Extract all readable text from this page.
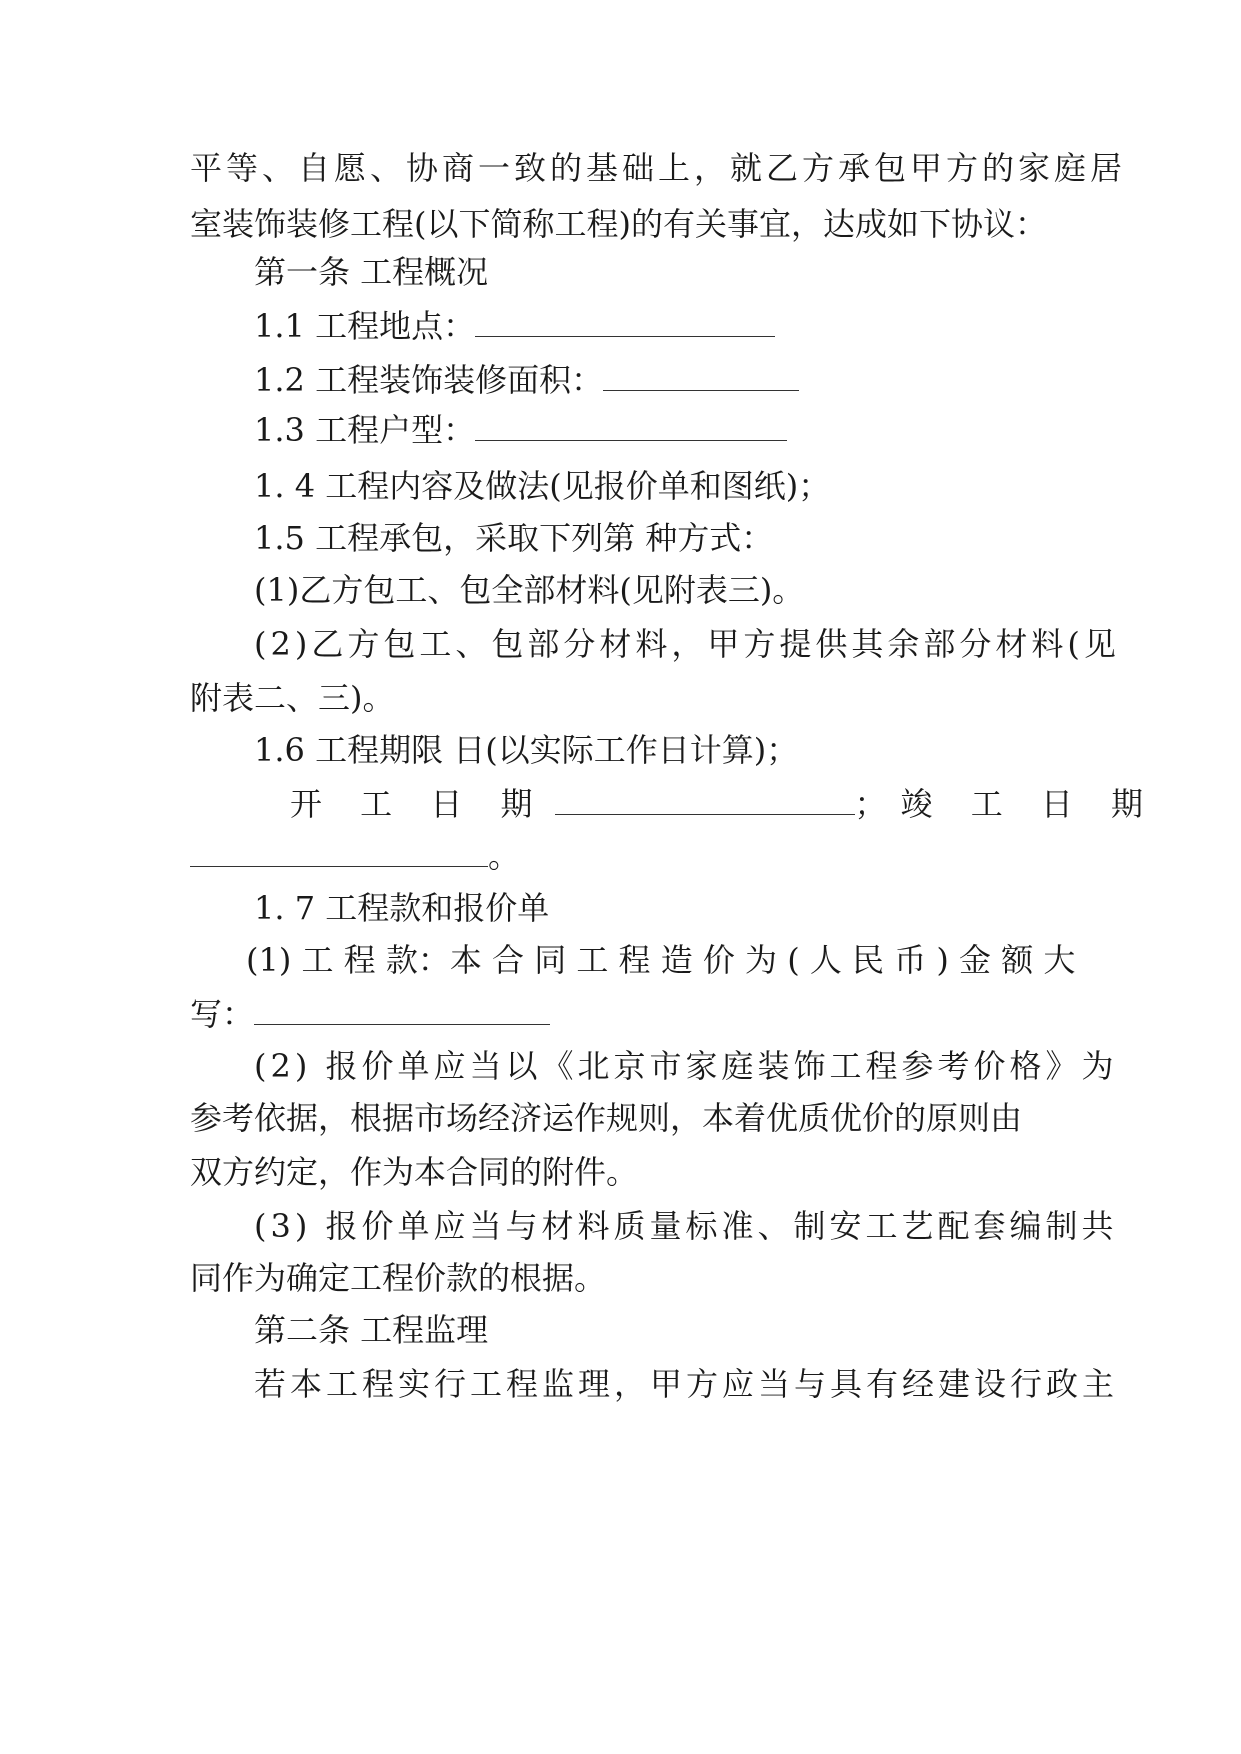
平等、自愿、协商一致的基础上，就乙方承包甲方的家庭居
室装饰装修工程(以下简称工程)的有关事宜，达成如下协议：
第一条 工程概况
1.1 工程地点：
1.2 工程装饰装修面积：
1.3 工程户型：
1. 4 工程内容及做法(见报价单和图纸)；
1.5 工程承包，采取下列第 种方式：
(1)乙方包工、包全部材料(见附表三)。
(2)乙方包工、包部分材料，甲方提供其余部分材料(见
附表二、三)。
1.6 工程期限 日(以实际工作日计算)；
开 工 日 期	；竣 工 日 期
。
1. 7 工程款和报价单
(1) 工 程 款：本 合 同 工 程 造 价 为 ( 人 民 币 ) 金 额 大
写：
(2) 报价单应当以《北京市家庭装饰工程参考价格》为
参考依据，根据市场经济运作规则，本着优质优价的原则由
双方约定，作为本合同的附件。
(3) 报价单应当与材料质量标准、制安工艺配套编制共
同作为确定工程价款的根据。
第二条 工程监理
若本工程实行工程监理，甲方应当与具有经建设行政主
